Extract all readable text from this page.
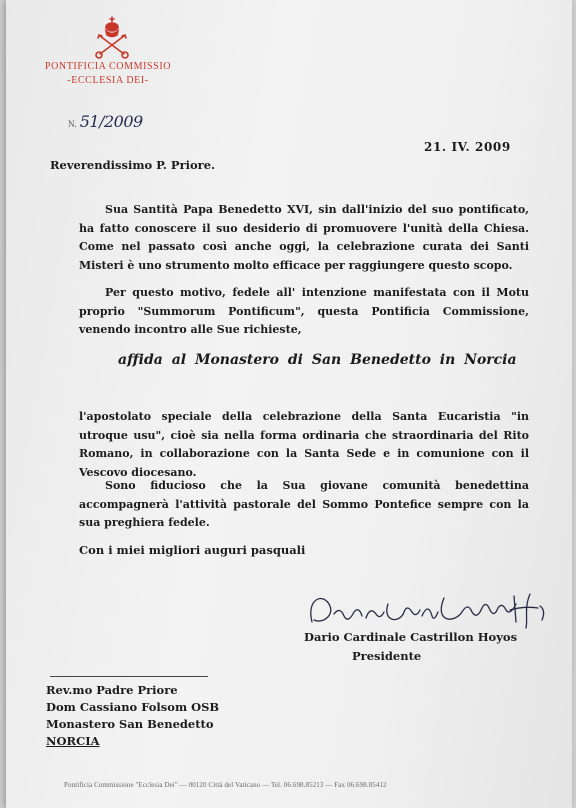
PONTIFICIA COMMISSIO
-ECCLESIA DEI-
N. 51/2009
21. IV. 2009
Reverendissimo P. Priore.
Sua Santità Papa Benedetto XVI, sin dall'inizio del suo pontificato, ha fatto conoscere il suo desiderio di promuovere l'unità della Chiesa. Come nel passato così anche oggi, la celebrazione curata dei Santi Misteri è uno strumento molto efficace per raggiungere questo scopo.
Per questo motivo, fedele all' intenzione manifestata con il Motu proprio "Summorum Pontificum", questa Pontificia Commissione, venendo incontro alle Sue richieste,
affida al Monastero di San Benedetto in Norcia
l'apostolato speciale della celebrazione della Santa Eucaristia "in utroque usu", cioè sia nella forma ordinaria che straordinaria del Rito Romano, in collaborazione con la Santa Sede e in comunione con il Vescovo diocesano.
Sono fiducioso che la Sua giovane comunità benedettina accompagnerà l'attività pastorale del Sommo Pontefice sempre con la sua preghiera fedele.
Con i miei migliori auguri pasquali
Dario Cardinale Castrillon Hoyos
Presidente
Rev.mo Padre Priore
Dom Cassiano Folsom OSB
Monastero San Benedetto
NORCIA
Pontificia Commissione "Ecclesia Dei" — 00120 Città del Vaticano — Tel. 06.698.85213 — Fax 06.698.85412
